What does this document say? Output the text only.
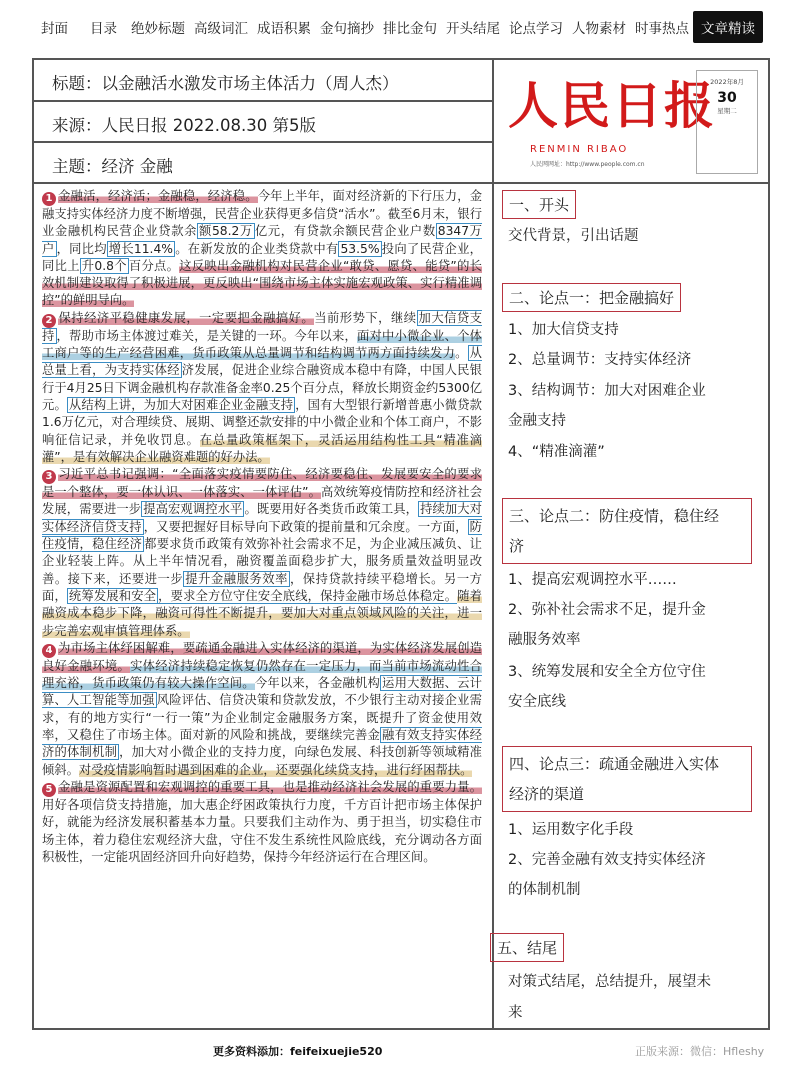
封面 目录 绝妙标题 高级词汇 成语积累 金句摘抄 排比金句 开头结尾 论点学习 人物素材 时事热点 文章精读
标题：以金融活水激发市场主体活力（周人杰）
来源：人民日报 2022.08.30 第5版
主题：经济 金融
人民日报
RENMIN RIBAO
人民网网址：http://www.people.com.cn
2022年8月
30
星期二

1 金融活，经济活；金融稳，经济稳。今年上半年，面对经济新的下行压力，金融支持实体经济力度不断增强，民营企业获得更多信贷“活水”。截至6月末，银行业金融机构民营企业贷款余 额58.2万 亿元，有贷款余额民营企业户数 8347万户 ，同比均 增长11.4% 。在新发放的企业类贷款中有 53.5% 投向了民营企业，同比上 升0.8个 百分点。这反映出金融机构对民营企业“敢贷、愿贷、能贷”的长效机制建设取得了积极进展，更反映出“围绕市场主体实施宏观政策、实行精准调控”的鲜明导向。

2 保持经济平稳健康发展，一定要把金融搞好。当前形势下，继续 加大信贷支持 ，帮助市场主体渡过难关，是关键的一环。今年以来，面对中小微企业、个体工商户等的生产经营困难，货币政策从总量调节和结构调节两方面持续发力。 从总量上看，为支持实体经 济发展，促进企业综合融资成本稳中有降，中国人民银行于4月25日下调金融机构存款准备金率0.25个百分点，释放长期资金约5300亿元。 从结构上讲，为加大对困难企业金融支持 ，国有大型银行新增普惠小微贷款1.6万亿元，对合理续贷、展期、调整还款安排的中小微企业和个体工商户，不影响征信记录，并免收罚息。在总量政策框架下，灵活运用结构性工具“精准滴灌”，是有效解决企业融资难题的好办法。

3 习近平总书记强调：“全面落实疫情要防住、经济要稳住、发展要安全的要求是一个整体，要一体认识、一体落实、一体评估”。高效统筹疫情防控和经济社会发展，需要进一步 提高宏观调控水平 。既要用好各类货币政策工具， 持续加大对实体经济信贷支持 ，又要把握好目标导向下政策的提前量和冗余度。一方面， 防住疫情，稳住经济 都要求货币政策有效弥补社会需求不足，为企业减压减负、让企业轻装上阵。从上半年情况看，融资覆盖面稳步扩大，服务质量效益明显改善。接下来，还要进一步 提升金融服务效率 ，保持贷款持续平稳增长。另一方面， 统筹发展和安全 ，要求全方位守住安全底线，保持金融市场总体稳定。随着融资成本稳步下降，融资可得性不断提升，要加大对重点领域风险的关注，进一步完善宏观审慎管理体系。

4 为市场主体纾困解难，要疏通金融进入实体经济的渠道，为实体经济发展创造良好金融环境。实体经济持续稳定恢复仍然存在一定压力，而当前市场流动性合理充裕，货币政策仍有较大操作空间。今年以来，各金融机构 运用大数据、云计算、人工智能等加强 风险评估、信贷决策和贷款发放，不少银行主动对接企业需求，有的地方实行“一行一策”为企业制定金融服务方案，既提升了资金使用效率，又稳住了市场主体。面对新的风险和挑战，要继续完善金 融有效支持实体经济的体制机制 ，加大对小微企业的支持力度，向绿色发展、科技创新等领域精准倾斜。对受疫情影响暂时遇到困难的企业，还要强化续贷支持，进行纾困帮扶。

5 金融是资源配置和宏观调控的重要工具，也是推动经济社会发展的重要力量。用好各项信贷支持措施，加大惠企纾困政策执行力度，千方百计把市场主体保护好，就能为经济发展积蓄基本力量。只要我们主动作为、勇于担当，切实稳住市场主体，着力稳住宏观经济大盘，守住不发生系统性风险底线，充分调动各方面积极性，一定能巩固经济回升向好趋势，保持今年经济运行在合理区间。

一、开头
交代背景，引出话题
二、论点一：把金融搞好
1、加大信贷支持
2、总量调节：支持实体经济
3、结构调节：加大对困难企业
金融支持
4、“精准滴灌”
三、论点二：防住疫情，稳住经
济
1、提高宏观调控水平……
2、弥补社会需求不足，提升金
融服务效率
3、统筹发展和安全全方位守住
安全底线
四、论点三：疏通金融进入实体
经济的渠道
1、运用数字化手段
2、完善金融有效支持实体经济
的体制机制
五、结尾
对策式结尾，总结提升，展望未
来
更多资料添加：feifeixuejie520	正版来源：微信：Hfleshy
